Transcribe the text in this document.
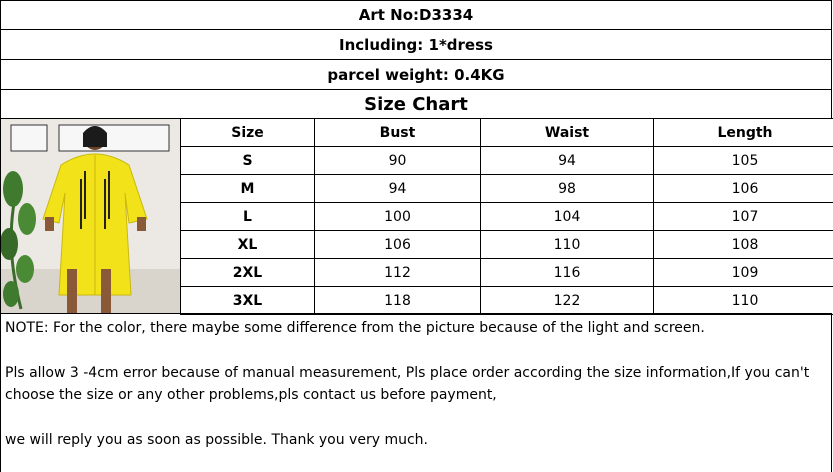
Art No:D3334
Including: 1*dress
parcel weight: 0.4KG
Size Chart
Size	Bust	Waist	Length
S	90	94	105
M	94	98	106
L	100	104	107
XL	106	110	108
2XL	112	116	109
3XL	118	122	110

NOTE: For the color, there maybe some difference from the picture because of the light and screen.

Pls allow 3 -4cm error because of manual measurement, Pls place order according the size information,If you can't

choose the size or any other problems,pls contact us before payment,

we will reply you as soon as possible. Thank you very much.
